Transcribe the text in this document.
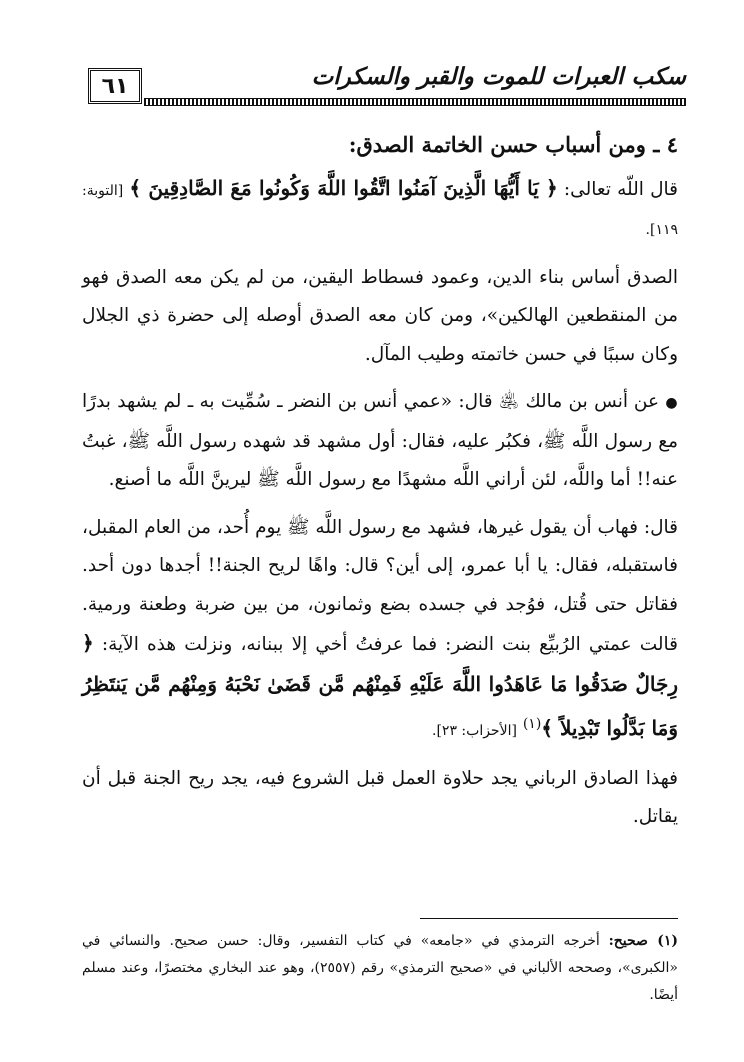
٦١	سكب العبرات للموت والقبر والسكرات

٤ ـ ومن أسباب حسن الخاتمة الصدق:

قال اللّه تعالى: ﴿ يَا أَيُّهَا الَّذِينَ آمَنُوا اتَّقُوا اللَّهَ وَكُونُوا مَعَ الصَّادِقِينَ ﴾ [التوبة: ١١٩].

الصدق أساس بناء الدين، وعمود فسطاط اليقين، من لم يكن معه الصدق فهو من المنقطعين الهالكين»، ومن كان معه الصدق أوصله إلى حضرة ذي الجلال وكان سببًا في حسن خاتمته وطيب المآل.

● عن أنس بن مالك ﵁ قال: «عمي أنس بن النضر ـ سُمِّيت به ـ لم يشهد بدرًا مع رسول اللَّه ﷺ، فكبُر عليه، فقال: أول مشهد قد شهده رسول اللَّه ﷺ، غبتُ عنه!! أما واللَّه، لئن أراني اللَّه مشهدًا مع رسول اللَّه ﷺ ليرينَّ اللَّه ما أصنع.

قال: فهاب أن يقول غيرها، فشهد مع رسول اللَّه ﷺ يوم أُحد، من العام المقبل، فاستقبله، فقال: يا أبا عمرو، إلى أين؟ قال: واهًا لريح الجنة!! أجدها دون أحد. فقاتل حتى قُتل، فوُجد في جسده بضع وثمانون، من بين ضربة وطعنة ورمية. قالت عمتي الرُبيِّع بنت النضر: فما عرفتُ أخي إلا ببنانه، ونزلت هذه الآية: ﴿ رِجَالٌ صَدَقُوا مَا عَاهَدُوا اللَّهَ عَلَيْهِ فَمِنْهُم مَّن قَضَىٰ نَحْبَهُ وَمِنْهُم مَّن يَنتَظِرُ وَمَا بَدَّلُوا تَبْدِيلاً ﴾$^{(١)}$ [الأحزاب: ٢٣].

فهذا الصادق الرباني يجد حلاوة العمل قبل الشروع فيه، يجد ريح الجنة قبل أن يقاتل.

(١) صحيح: أخرجه الترمذي في «جامعه» في كتاب التفسير، وقال: حسن صحيح. والنسائي في «الكبرى»، وصححه الألباني في «صحيح الترمذي» رقم (٢٥٥٧)، وهو عند البخاري مختصرًا، وعند مسلم أيضًا.
